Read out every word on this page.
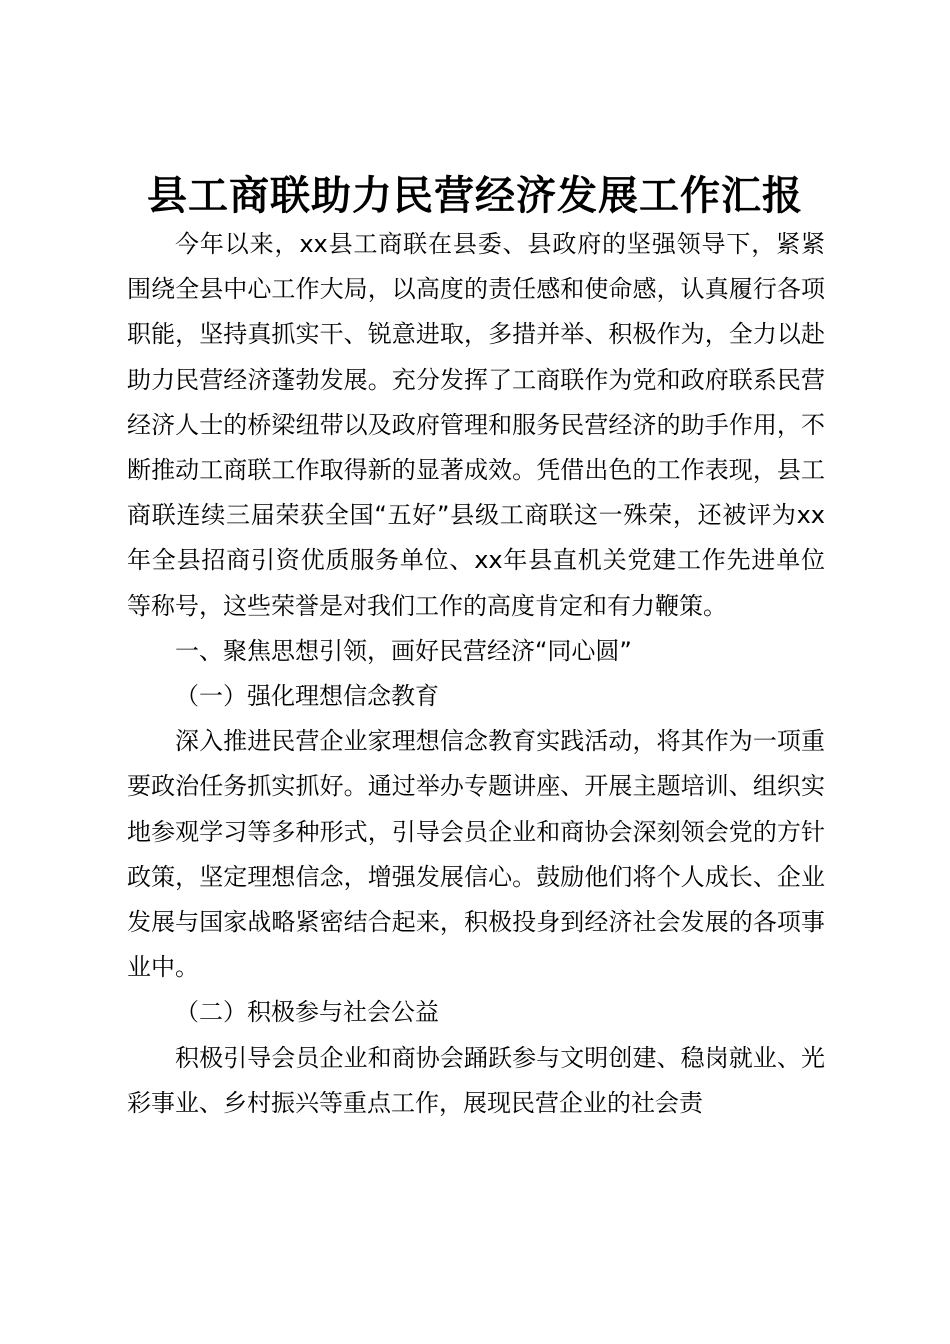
县工商联助力民营经济发展工作汇报

今年以来，xx县工商联在县委、县政府的坚强领导下，紧紧围绕全县中心工作大局，以高度的责任感和使命感，认真履行各项职能，坚持真抓实干、锐意进取，多措并举、积极作为，全力以赴助力民营经济蓬勃发展。充分发挥了工商联作为党和政府联系民营经济人士的桥梁纽带以及政府管理和服务民营经济的助手作用，不断推动工商联工作取得新的显著成效。凭借出色的工作表现，县工商联连续三届荣获全国“五好”县级工商联这一殊荣，还被评为xx年全县招商引资优质服务单位、xx年县直机关党建工作先进单位等称号，这些荣誉是对我们工作的高度肯定和有力鞭策。

一、聚焦思想引领，画好民营经济“同心圆”

（一）强化理想信念教育

深入推进民营企业家理想信念教育实践活动，将其作为一项重要政治任务抓实抓好。通过举办专题讲座、开展主题培训、组织实地参观学习等多种形式，引导会员企业和商协会深刻领会党的方针政策，坚定理想信念，增强发展信心。鼓励他们将个人成长、企业发展与国家战略紧密结合起来，积极投身到经济社会发展的各项事业中。

（二）积极参与社会公益

积极引导会员企业和商协会踊跃参与文明创建、稳岗就业、光彩事业、乡村振兴等重点工作，展现民营企业的社会责
